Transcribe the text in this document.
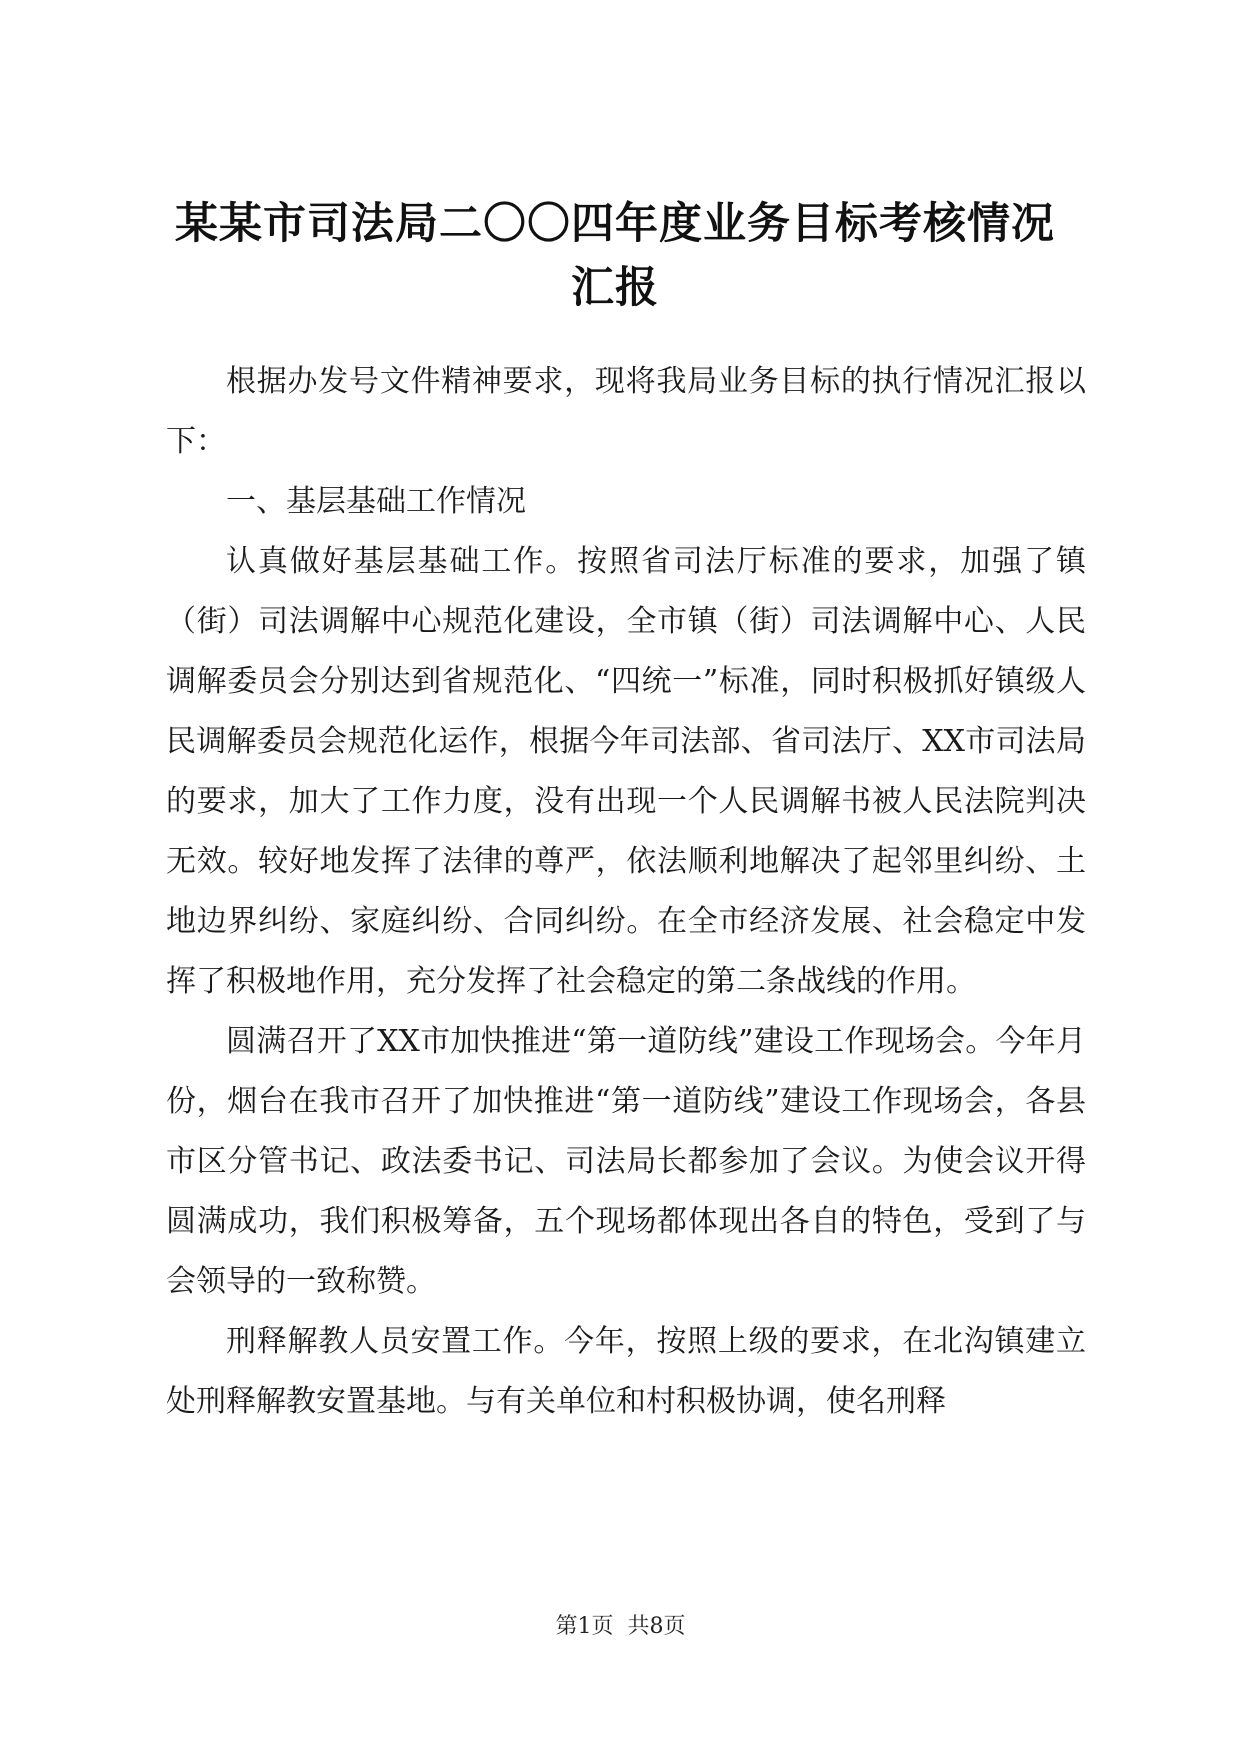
某某市司法局二〇〇四年度业务目标考核情况
汇报

根据办发号文件精神要求，现将我局业务目标的执行情况汇报以下：

一、基层基础工作情况

认真做好基层基础工作。按照省司法厅标准的要求，加强了镇（街）司法调解中心规范化建设，全市镇（街）司法调解中心、人民调解委员会分别达到省规范化、“四统一”标准，同时积极抓好镇级人民调解委员会规范化运作，根据今年司法部、省司法厅、XX市司法局的要求，加大了工作力度，没有出现一个人民调解书被人民法院判决无效。较好地发挥了法律的尊严，依法顺利地解决了起邻里纠纷、土地边界纠纷、家庭纠纷、合同纠纷。在全市经济发展、社会稳定中发挥了积极地作用，充分发挥了社会稳定的第二条战线的作用。

圆满召开了XX市加快推进“第一道防线”建设工作现场会。今年月份，烟台在我市召开了加快推进“第一道防线”建设工作现场会，各县市区分管书记、政法委书记、司法局长都参加了会议。为使会议开得圆满成功，我们积极筹备，五个现场都体现出各自的特色，受到了与会领导的一致称赞。

刑释解教人员安置工作。今年，按照上级的要求，在北沟镇建立处刑释解教安置基地。与有关单位和村积极协调，使名刑释

第1页 共8页
